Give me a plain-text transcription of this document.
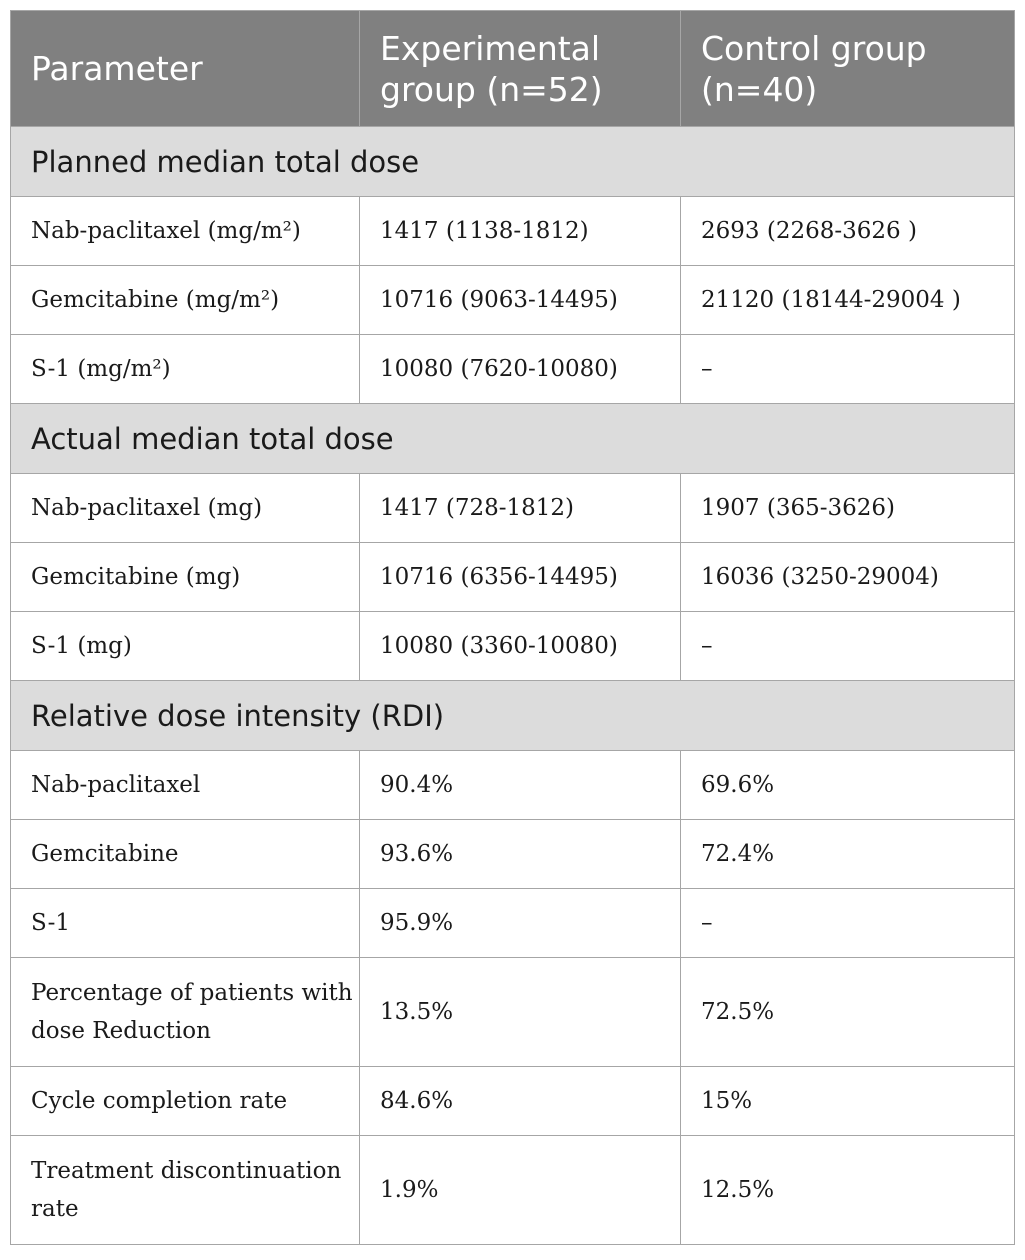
Parameter	Experimental group (n=52)	Control group (n=40)
Planned median total dose		
Nab-paclitaxel (mg/m²)	1417 (1138-1812)	2693 (2268-3626 )
Gemcitabine (mg/m²)	10716 (9063-14495)	21120 (18144-29004 )
S-1 (mg/m²)	10080 (7620-10080)	–
Actual median total dose		
Nab-paclitaxel (mg)	1417 (728-1812)	1907 (365-3626)
Gemcitabine (mg)	10716 (6356-14495)	16036 (3250-29004)
S-1 (mg)	10080 (3360-10080)	–
Relative dose intensity (RDI)		
Nab-paclitaxel	90.4%	69.6%
Gemcitabine	93.6%	72.4%
S-1	95.9%	–
Percentage of patients with dose Reduction	13.5%	72.5%
Cycle completion rate	84.6%	15%
Treatment discontinuation rate	1.9%	12.5%
